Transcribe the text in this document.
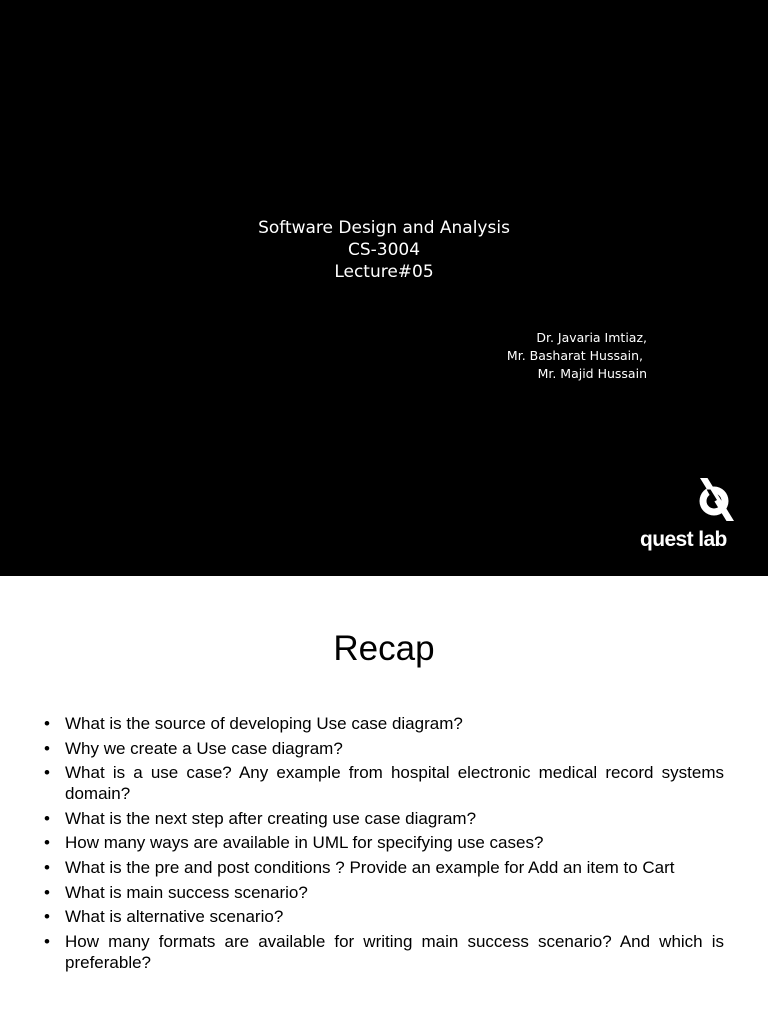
Software Design and Analysis
CS-3004
Lecture#05
Dr. Javaria Imtiaz,
Mr. Basharat Hussain,
Mr. Majid Hussain
quest lab
Recap
• What is the source of developing Use case diagram?
• Why we create a Use case diagram?
• What is a use case? Any example from hospital electronic medical record systems domain?
• What is the next step after creating use case diagram?
• How many ways are available in UML for specifying use cases?
• What is the pre and post conditions ? Provide an example for Add an item to Cart
• What is main success scenario?
• What is alternative scenario?
• How many formats are available for writing main success scenario? And which is preferable?
